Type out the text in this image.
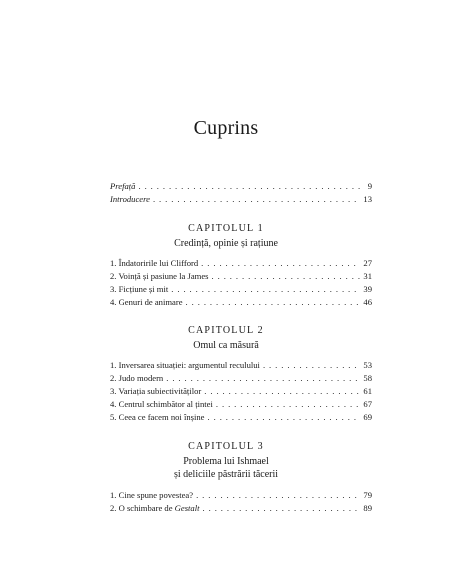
Cuprins
Prefață . . .	9
Introducere . . .	13
CAPITOLUL 1
Credință, opinie și rațiune
1. Îndatoririle lui Clifford . . .	27
2. Voință și pasiune la James . . .	31
3. Ficțiune și mit . . .	39
4. Genuri de animare . . .	46
CAPITOLUL 2
Omul ca măsură
1. Inversarea situației: argumentul reculului . . .	53
2. Judo modern . . .	58
3. Variația subiectivităților . . .	61
4. Centrul schimbător al țintei . . .	67
5. Ceea ce facem noi înșine . . .	69
CAPITOLUL 3
Problema lui Ishmael
și deliciile păstrării tăcerii
1. Cine spune povestea? . . .	79
2. O schimbare de Gestalt . . .	89
